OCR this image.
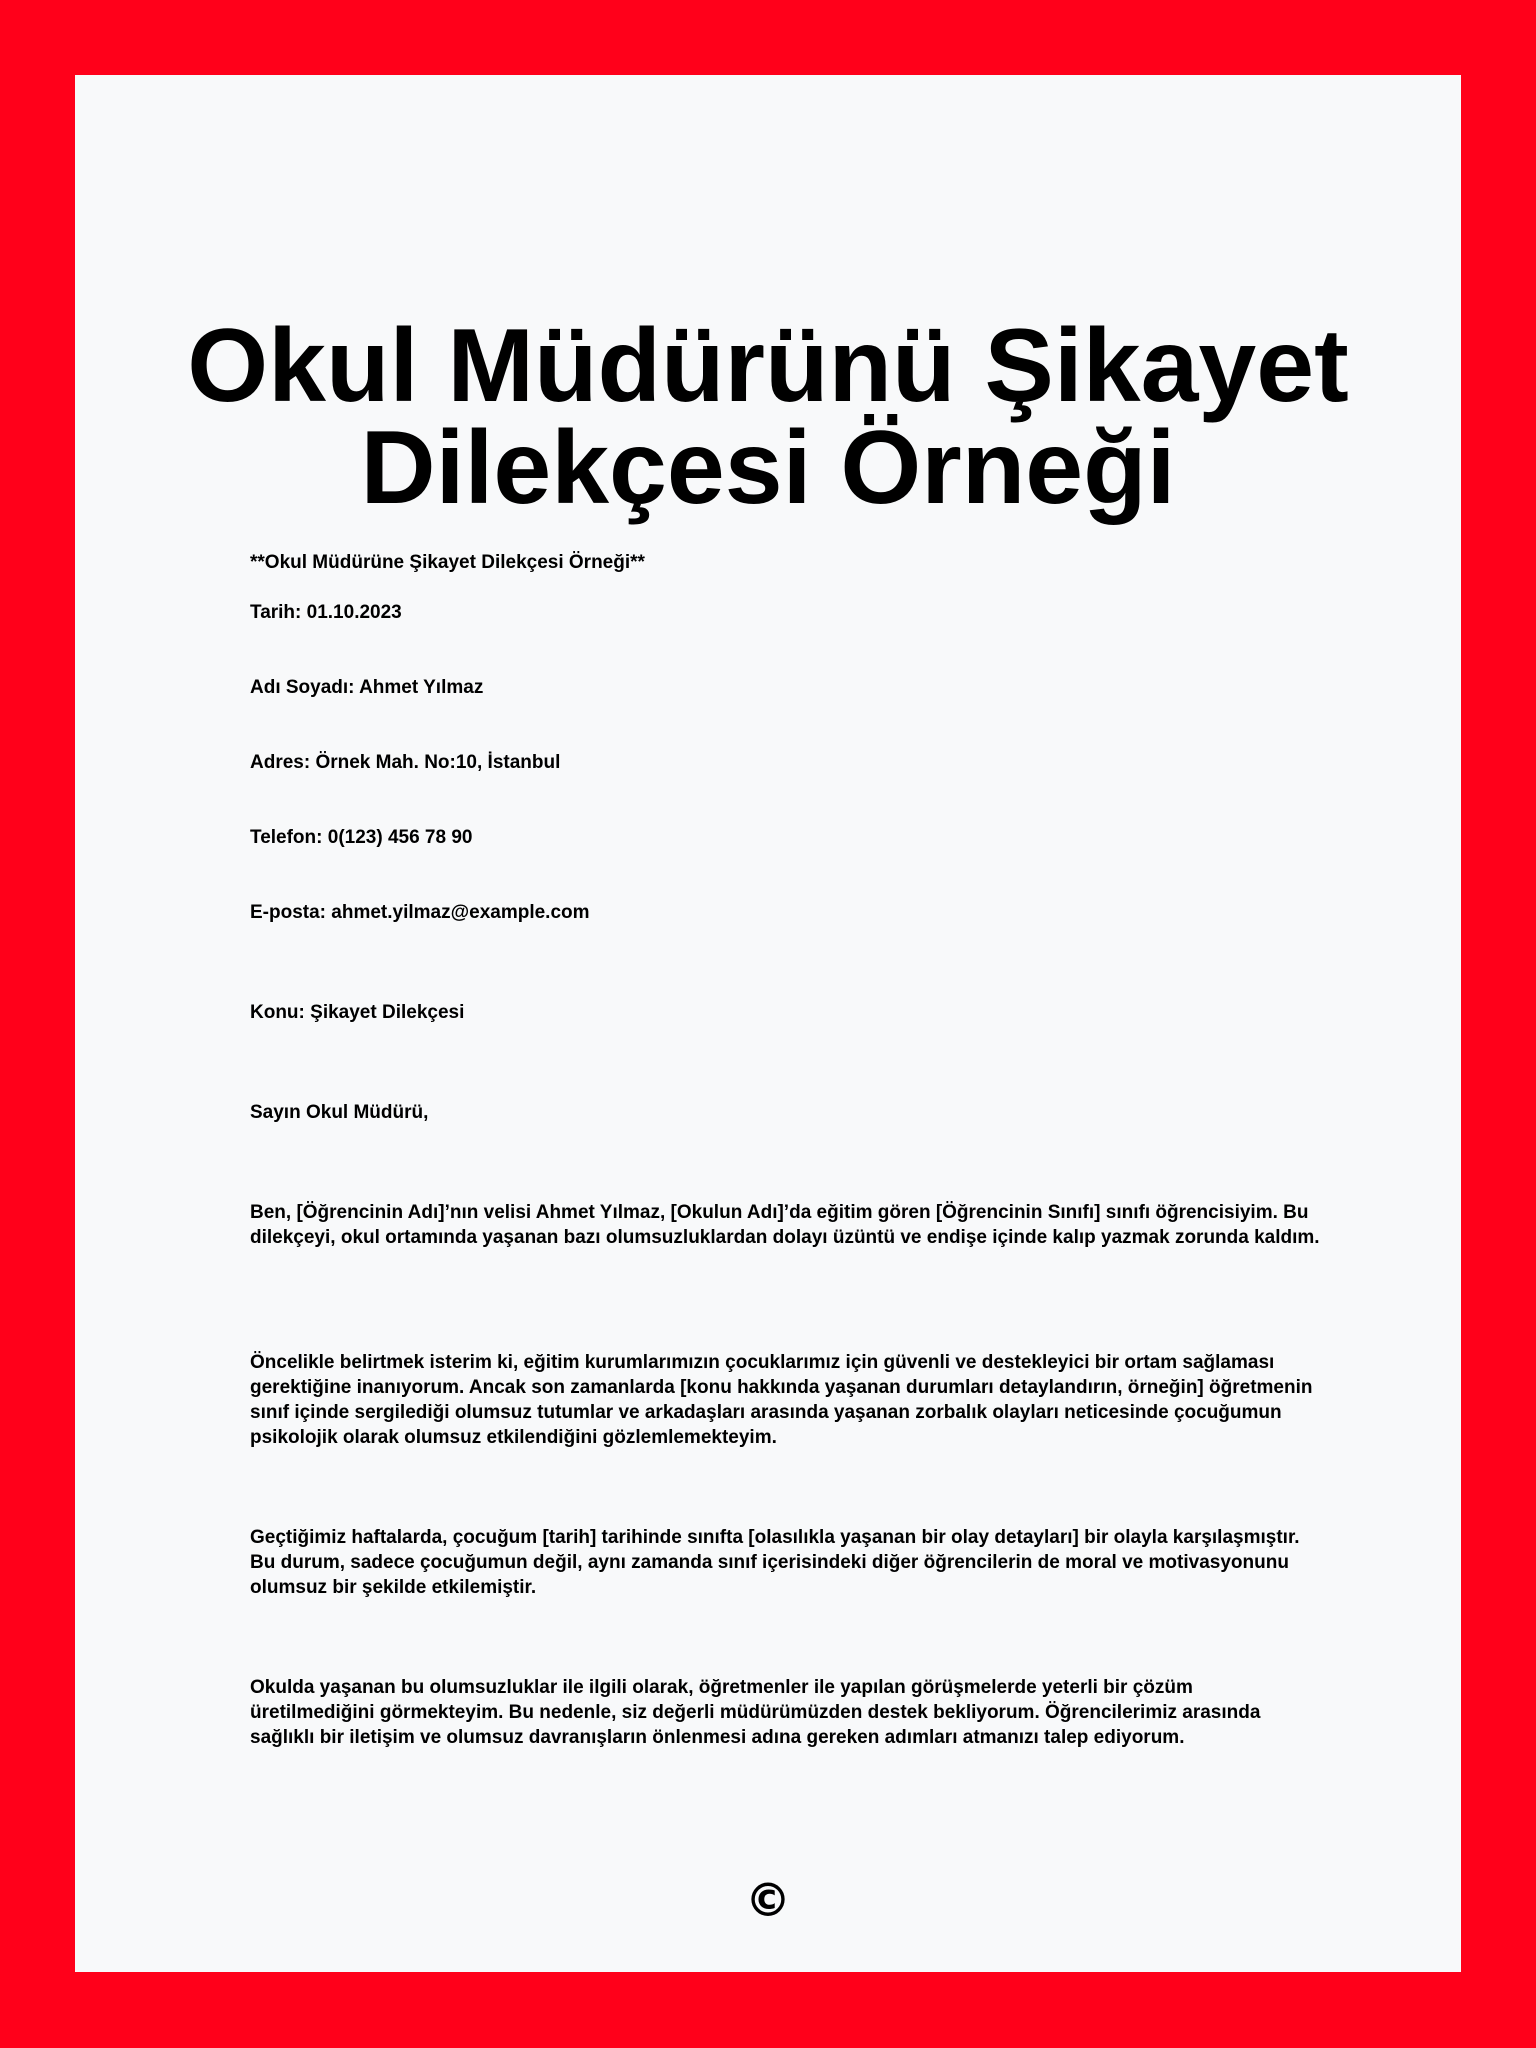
Okul Müdürünü Şikayet
Dilekçesi Örneği

**Okul Müdürüne Şikayet Dilekçesi Örneği**

Tarih: 01.10.2023

Adı Soyadı: Ahmet Yılmaz

Adres: Örnek Mah. No:10, İstanbul

Telefon: 0(123) 456 78 90

E-posta: ahmet.yilmaz@example.com

Konu: Şikayet Dilekçesi

Sayın Okul Müdürü,

Ben, [Öğrencinin Adı]’nın velisi Ahmet Yılmaz, [Okulun Adı]’da eğitim gören [Öğrencinin Sınıfı] sınıfı öğrencisiyim. Bu dilekçeyi, okul ortamında yaşanan bazı olumsuzluklardan dolayı üzüntü ve endişe içinde kalıp yazmak zorunda kaldım.

Öncelikle belirtmek isterim ki, eğitim kurumlarımızın çocuklarımız için güvenli ve destekleyici bir ortam sağlaması gerektiğine inanıyorum. Ancak son zamanlarda [konu hakkında yaşanan durumları detaylandırın, örneğin] öğretmenin sınıf içinde sergilediği olumsuz tutumlar ve arkadaşları arasında yaşanan zorbalık olayları neticesinde çocuğumun psikolojik olarak olumsuz etkilendiğini gözlemlemekteyim.

Geçtiğimiz haftalarda, çocuğum [tarih] tarihinde sınıfta [olasılıkla yaşanan bir olay detayları] bir olayla karşılaşmıştır. Bu durum, sadece çocuğumun değil, aynı zamanda sınıf içerisindeki diğer öğrencilerin de moral ve motivasyonunu olumsuz bir şekilde etkilemiştir.

Okulda yaşanan bu olumsuzluklar ile ilgili olarak, öğretmenler ile yapılan görüşmelerde yeterli bir çözüm üretilmediğini görmekteyim. Bu nedenle, siz değerli müdürümüzden destek bekliyorum. Öğrencilerimiz arasında sağlıklı bir iletişim ve olumsuz davranışların önlenmesi adına gereken adımları atmanızı talep ediyorum.

©
